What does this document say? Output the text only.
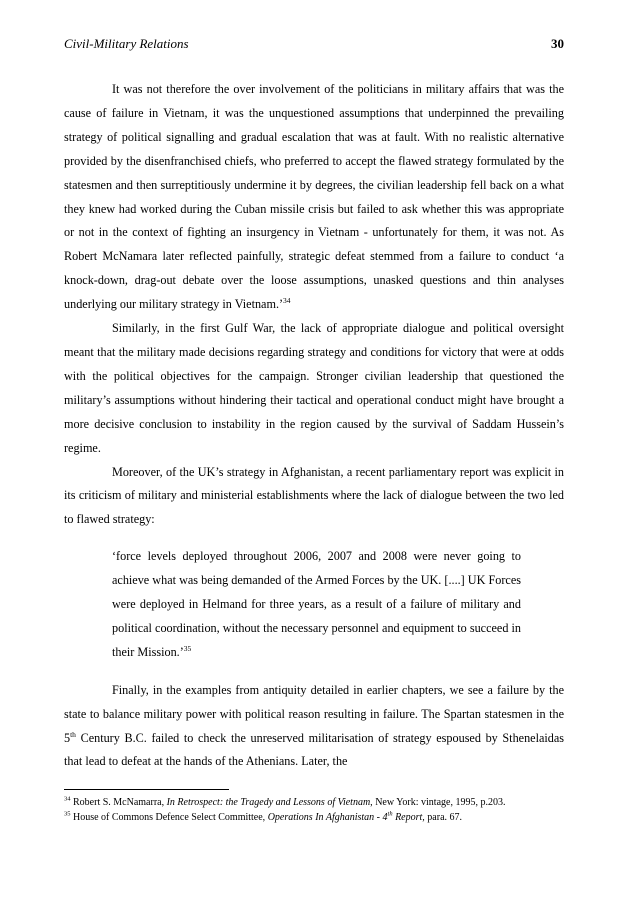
Civil-Military Relations	30

It was not therefore the over involvement of the politicians in military affairs that was the cause of failure in Vietnam, it was the unquestioned assumptions that underpinned the prevailing strategy of political signalling and gradual escalation that was at fault. With no realistic alternative provided by the disenfranchised chiefs, who preferred to accept the flawed strategy formulated by the statesmen and then surreptitiously undermine it by degrees, the civilian leadership fell back on a what they knew had worked during the Cuban missile crisis but failed to ask whether this was appropriate or not in the context of fighting an insurgency in Vietnam - unfortunately for them, it was not. As Robert McNamara later reflected painfully, strategic defeat stemmed from a failure to conduct ‘a knock-down, drag-out debate over the loose assumptions, unasked questions and thin analyses underlying our military strategy in Vietnam.’$^{34}$

Similarly, in the first Gulf War, the lack of appropriate dialogue and political oversight meant that the military made decisions regarding strategy and conditions for victory that were at odds with the political objectives for the campaign. Stronger civilian leadership that questioned the military’s assumptions without hindering their tactical and operational conduct might have brought a more decisive conclusion to instability in the region caused by the survival of Saddam Hussein’s regime.

Moreover, of the UK’s strategy in Afghanistan, a recent parliamentary report was explicit in its criticism of military and ministerial establishments where the lack of dialogue between the two led to flawed strategy:

‘force levels deployed throughout 2006, 2007 and 2008 were never going to achieve what was being demanded of the Armed Forces by the UK. [....] UK Forces were deployed in Helmand for three years, as a result of a failure of military and political coordination, without the necessary personnel and equipment to succeed in their Mission.’$^{35}$

Finally, in the examples from antiquity detailed in earlier chapters, we see a failure by the state to balance military power with political reason resulting in failure. The Spartan statesmen in the 5th Century B.C. failed to check the unreserved militarisation of strategy espoused by Sthenelaidas that lead to defeat at the hands of the Athenians. Later, the

$^{34}$ Robert S. McNamarra, In Retrospect: the Tragedy and Lessons of Vietnam, New York: vintage, 1995, p.203.

$^{35}$ House of Commons Defence Select Committee, Operations In Afghanistan - 4th Report, para. 67.
